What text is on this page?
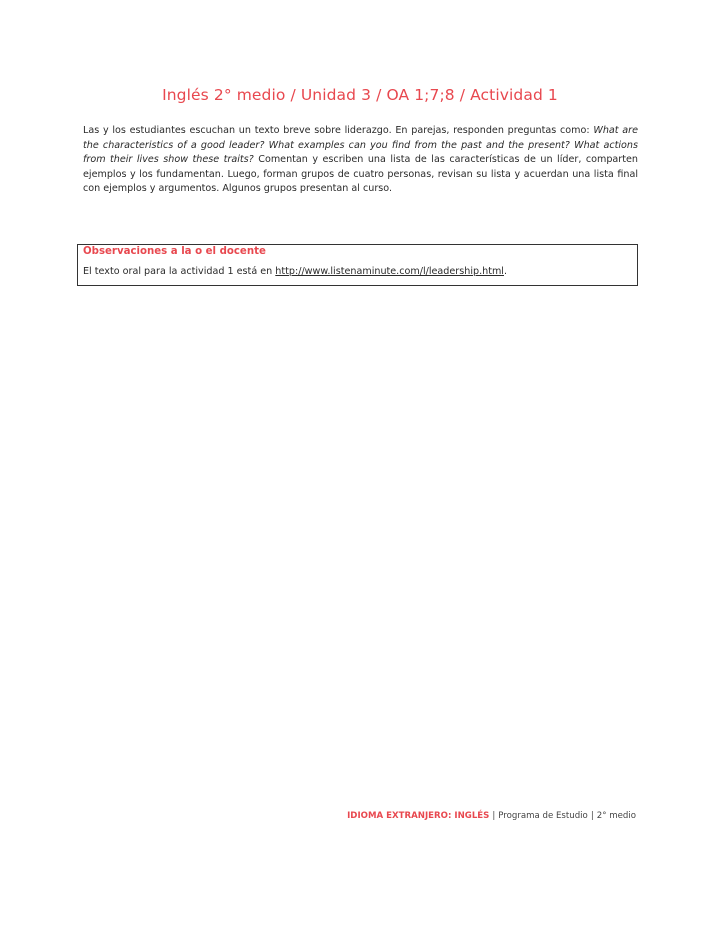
Inglés 2° medio / Unidad 3 / OA 1;7;8 / Actividad 1
Las y los estudiantes escuchan un texto breve sobre liderazgo. En parejas, responden preguntas como: What are the characteristics of a good leader? What examples can you find from the past and the present? What actions from their lives show these traits? Comentan y escriben una lista de las características de un líder, comparten ejemplos y los fundamentan. Luego, forman grupos de cuatro personas, revisan su lista y acuerdan una lista final con ejemplos y argumentos. Algunos grupos presentan al curso.
Observaciones a la o el docente
El texto oral para la actividad 1 está en http://www.listenaminute.com/l/leadership.html.
IDIOMA EXTRANJERO: INGLÉS | Programa de Estudio | 2° medio
